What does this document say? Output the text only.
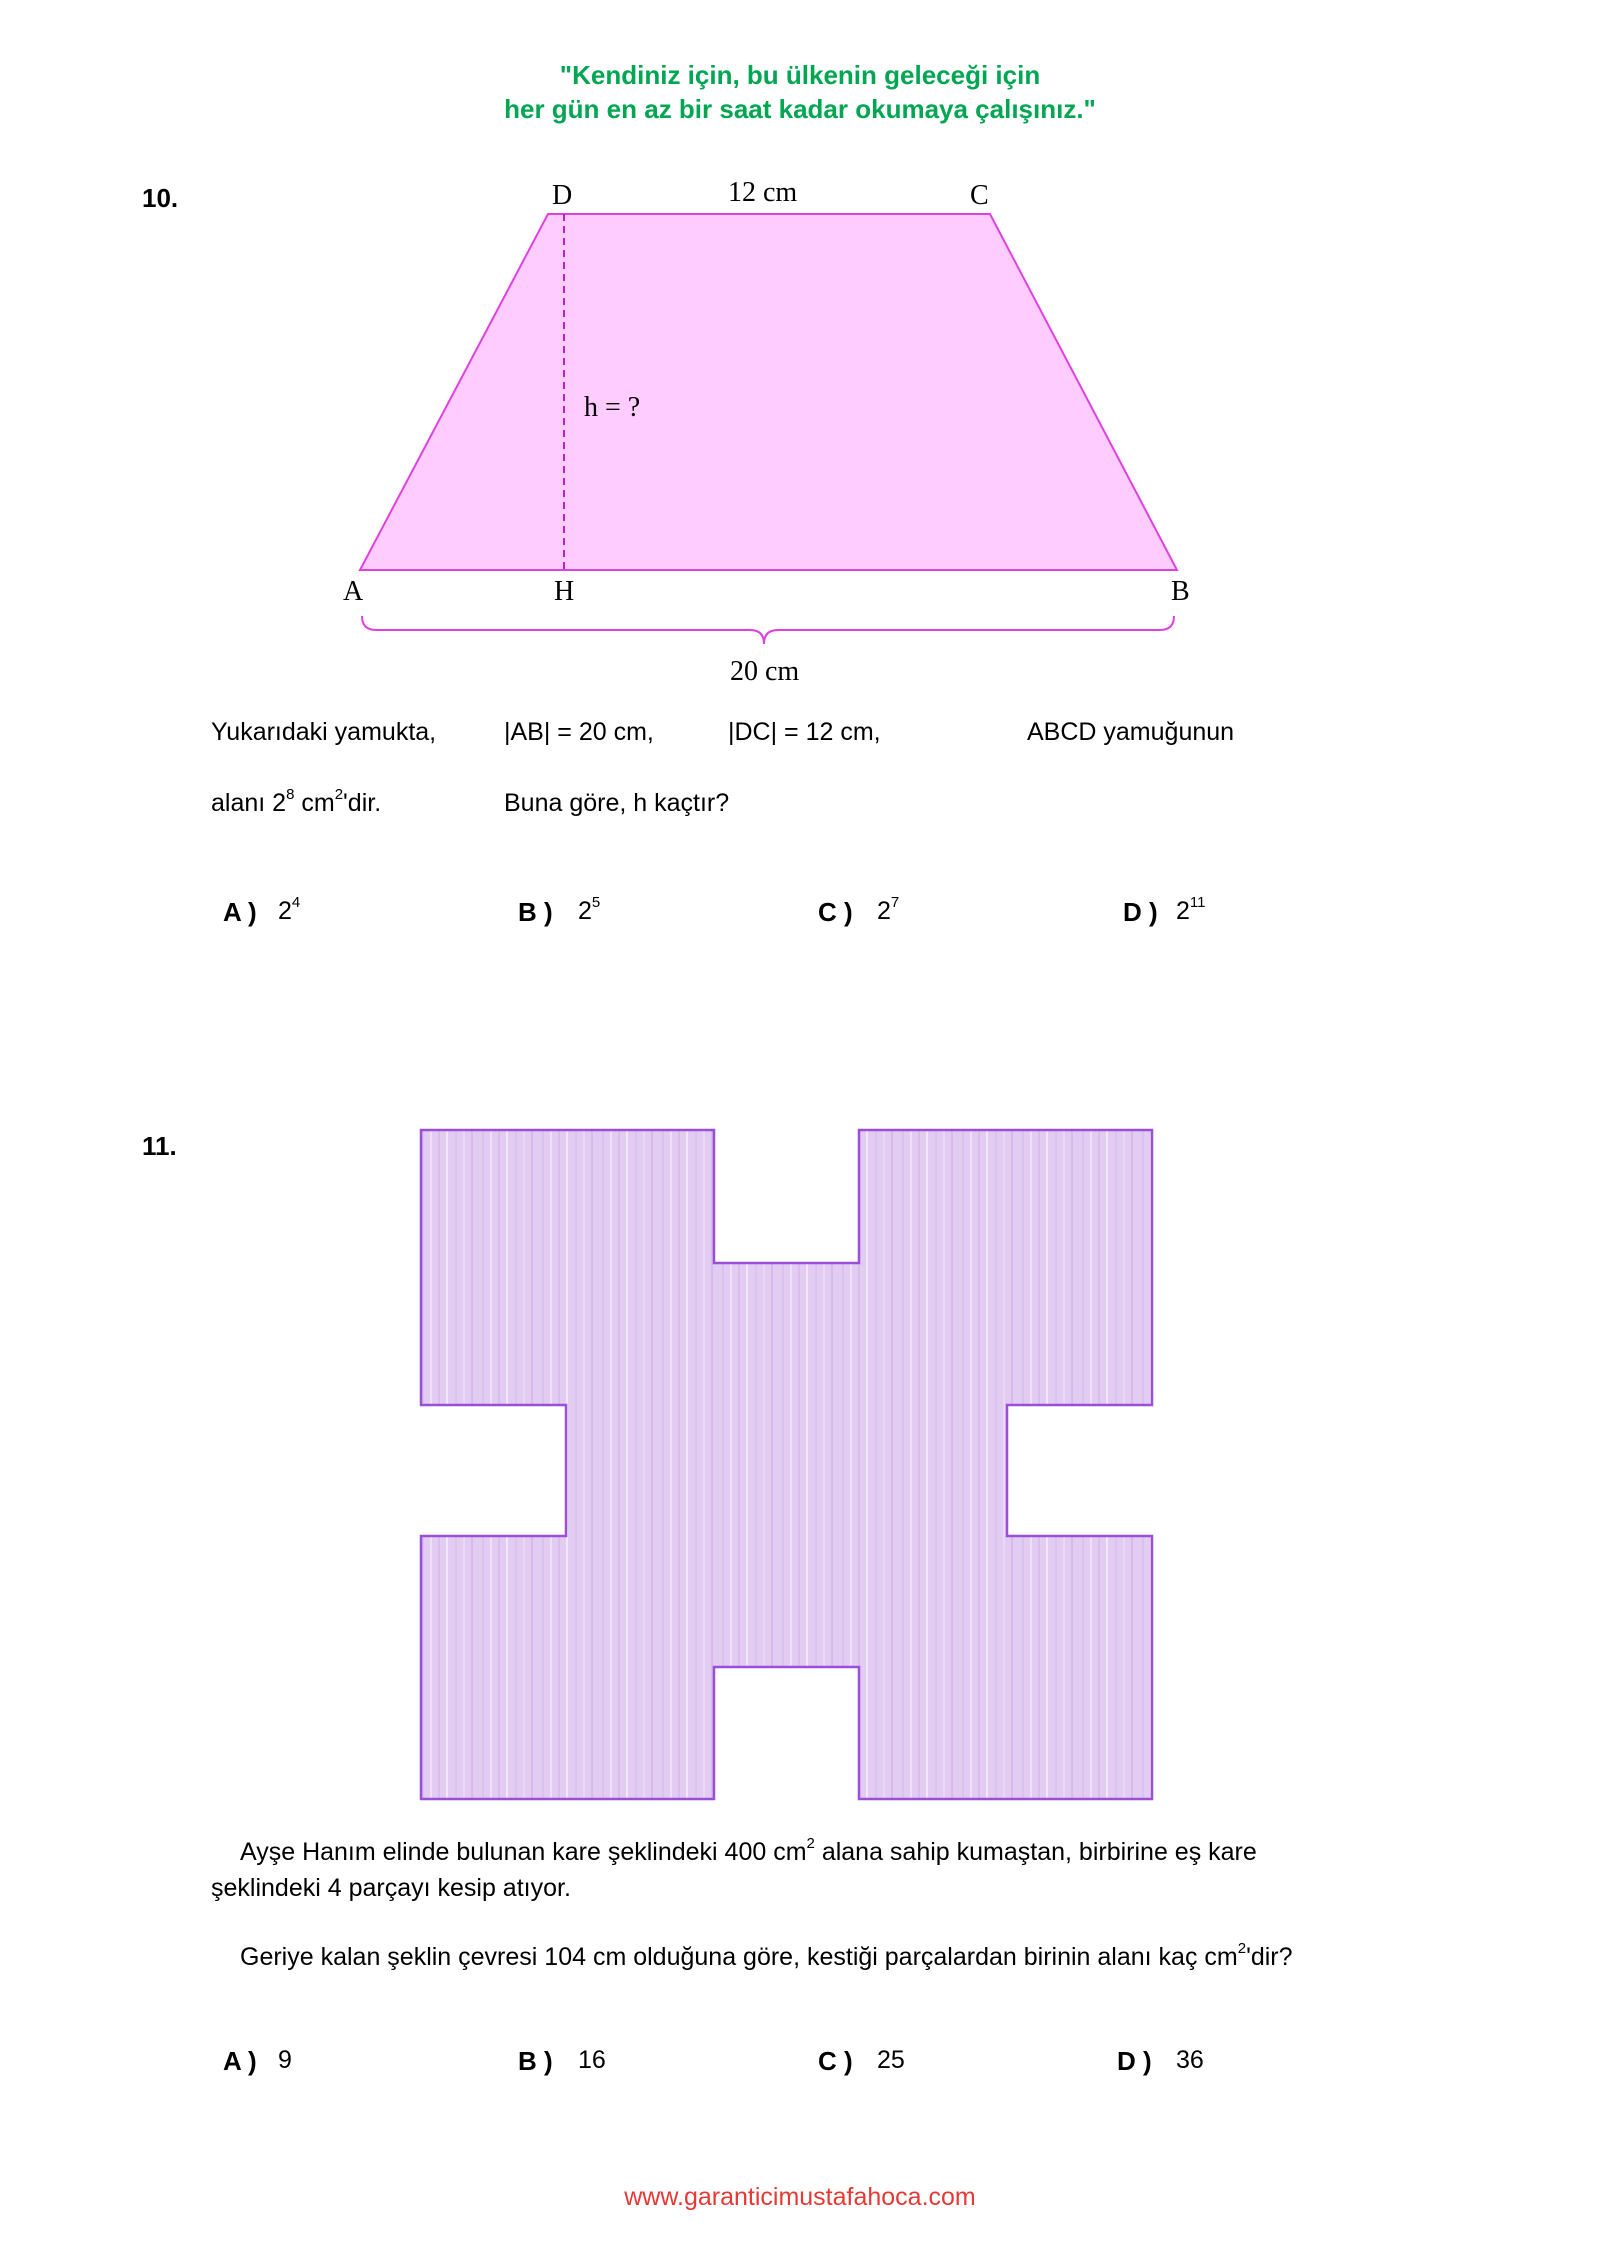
"Kendiniz için, bu ülkenin geleceği için
her gün en az bir saat kadar okumaya çalışınız."
10.	D	12 cm	C
h = ?
A	H	B
20 cm
Yukarıdaki yamukta,	|AB| = 20 cm,	|DC| = 12 cm,	ABCD yamuğunun
alanı $2^8$ $cm^2'dir$.	Buna göre, h kaçtır?
A ) $2^4$	B ) $2^5$	C ) $2^7$	D ) $2^{11}$
11.
Ayşe Hanım elinde bulunan kare şeklindeki 400 $cm^2$ alana sahip kumaştan, birbirine eş kare
şeklindeki 4 parçayı kesip atıyor.
Geriye kalan şeklin çevresi 104 cm olduğuna göre, kestiği parçalardan birinin alanı kaç $cm^2'dir$?
A ) 9	B ) 16	C ) 25	D ) 36
www.garanticimustafahoca.com
